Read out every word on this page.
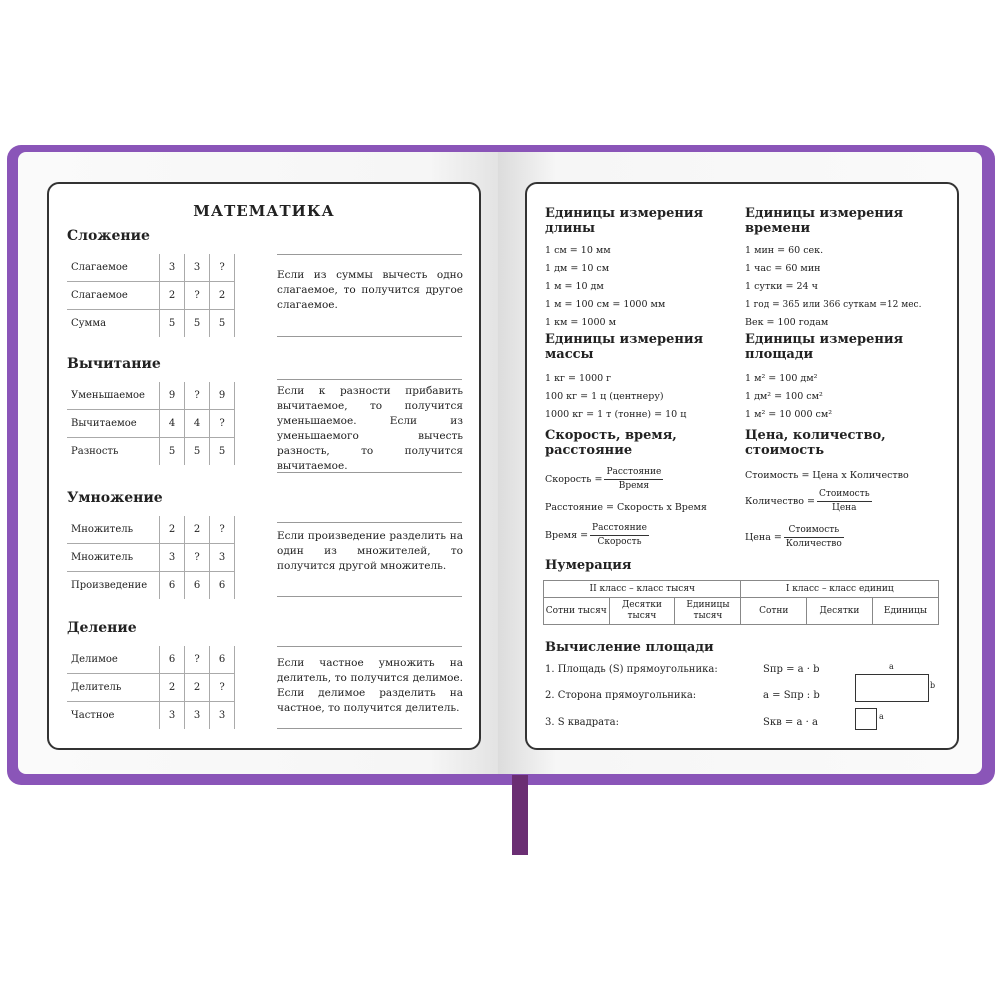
МАТЕМАТИКА
Сложение
Слагаемое	3	3	?
Слагаемое	2	?	2
Сумма	5	5	5
Если из суммы вычесть одно слагаемое, то получится другое слагаемое.
Вычитание
Уменьшаемое	9	?	9
Вычитаемое	4	4	?
Разность	5	5	5
Если к разности прибавить вычитаемое, то получится уменьшаемое. Если из уменьшаемого вычесть разность, то получится вычитаемое.
Умножение
Множитель	2	2	?
Множитель	3	?	3
Произведение	6	6	6
Если произведение разделить на один из множителей, то получится другой множитель.
Деление
Делимое	6	?	6
Делитель	2	2	?
Частное	3	3	3
Если частное умножить на делитель, то получится делимое. Если делимое разделить на частное, то получится делитель.
Единицы измерения длины
1 см = 10 мм
1 дм = 10 см
1 м = 10 дм
1 м = 100 см = 1000 мм
1 км = 1000 м
Единицы измерения времени
1 мин = 60 сек.
1 час = 60 мин
1 сутки = 24 ч
1 год = 365 или 366 суткам =12 мес.
Век = 100 годам
Единицы измерения массы
1 кг = 1000 г
100 кг = 1 ц (центнеру)
1000 кг = 1 т (тонне) = 10 ц
Единицы измерения площади
1 м² = 100 дм²
1 дм² = 100 см²
1 м² = 10 000 см²
Скорость, время, расстояние
Скорость = $\frac{\text{Расстояние}}{\text{Время}}$
Расстояние = Скорость х Время
Время = $\frac{\text{Расстояние}}{\text{Скорость}}$
Цена, количество, стоимость
Стоимость = Цена х Количество
Количество = $\frac{\text{Стоимость}}{\text{Цена}}$
Цена = $\frac{\text{Стоимость}}{\text{Количество}}$
Нумерация
II класс – класс тысяч			I класс – класс единиц		
Сотни тысяч	Десятки тысяч	Единицы тысяч	Сотни	Десятки	Единицы
Вычисление площади
1. Площадь (S) прямоугольника:	Sпр = a · b
2. Сторона прямоугольника:	a = Sпр : b
3. S квадрата:	Sкв = a · a
a
b
a
